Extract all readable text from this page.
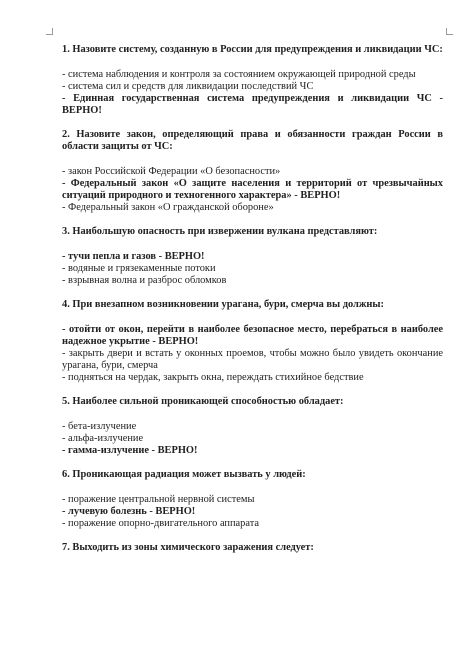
1. Назовите систему, созданную в России для предупреждения и ликвидации ЧС:

- система наблюдения и контроля за состоянием окружающей природной среды

- система сил и средств для ликвидации последствий ЧС

- Единная государственная система предупреждения и ликвидации ЧС - ВЕРНО!

2. Назовите закон, определяющий права и обязанности граждан России в области защиты от ЧС:

- закон Российской Федерации «О безопасности»

- Федеральный закон «О защите населения и территорий от чрезвычайных ситуаций природного и техногенного характера» - ВЕРНО!

- Федеральный закон «О гражданской обороне»

3. Наибольшую опасность при извержении вулкана представляют:

- тучи пепла и газов - ВЕРНО!

- водяные и грязекаменные потоки

- взрывная волна и разброс обломков

4. При внезапном возникновении урагана, бури, смерча вы должны:

- отойти от окон, перейти в наиболее безопасное место, перебраться в наиболее надежное укрытие - ВЕРНО!

- закрыть двери и встать у оконных проемов, чтобы можно было увидеть окончание урагана, бури, смерча

- подняться на чердак, закрыть окна, переждать стихийное бедствие

5. Наиболее сильной проникающей способностью обладает:

- бета-излучение

- альфа-излучение

- гамма-излучение - ВЕРНО!

6. Проникающая радиация может вызвать у людей:

- поражение центральной нервной системы

- лучевую болезнь - ВЕРНО!

- поражение опорно-двигательного аппарата

7. Выходить из зоны химического заражения следует:
